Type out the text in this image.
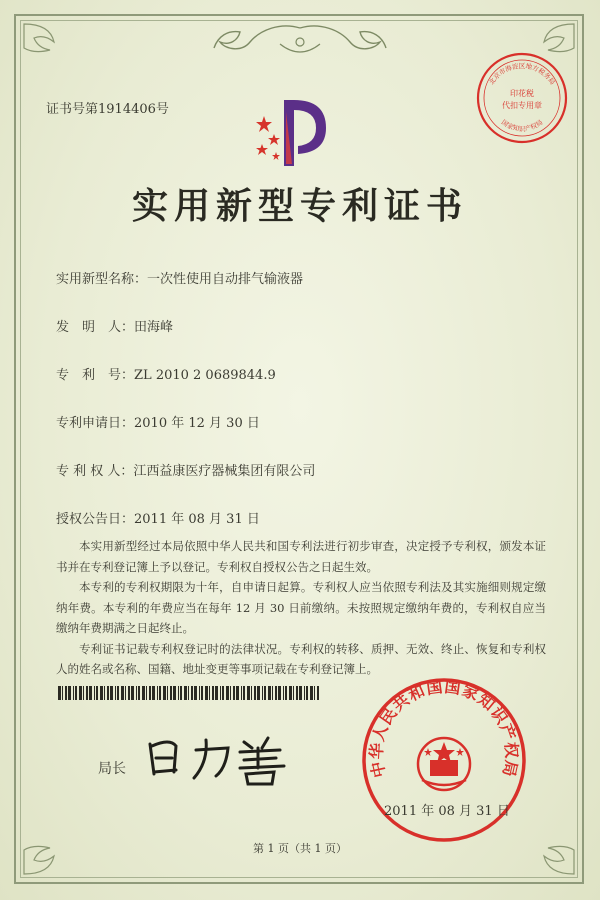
证书号第1914406号
印花税
代扣专用章
北京市海淀区地方税务局
国家知识产权局
实用新型专利证书
实用新型名称：一次性使用自动排气输液器
发　明　人：田海峰
专　利　号：ZL 2010 2 0689844.9
专利申请日：2010 年 12 月 30 日
专 利 权 人：江西益康医疗器械集团有限公司
授权公告日：2011 年 08 月 31 日

本实用新型经过本局依照中华人民共和国专利法进行初步审查，决定授予专利权，颁发本证书并在专利登记簿上予以登记。专利权自授权公告之日起生效。

本专利的专利权期限为十年，自申请日起算。专利权人应当依照专利法及其实施细则规定缴纳年费。本专利的年费应当在每年 12 月 30 日前缴纳。未按照规定缴纳年费的，专利权自应当缴纳年费期满之日起终止。

专利证书记载专利权登记时的法律状况。专利权的转移、质押、无效、终止、恢复和专利权人的姓名或名称、国籍、地址变更等事项记载在专利登记簿上。

局长	中华人民共和国国家知识产权局
2011 年 08 月 31 日
第 1 页（共 1 页）
